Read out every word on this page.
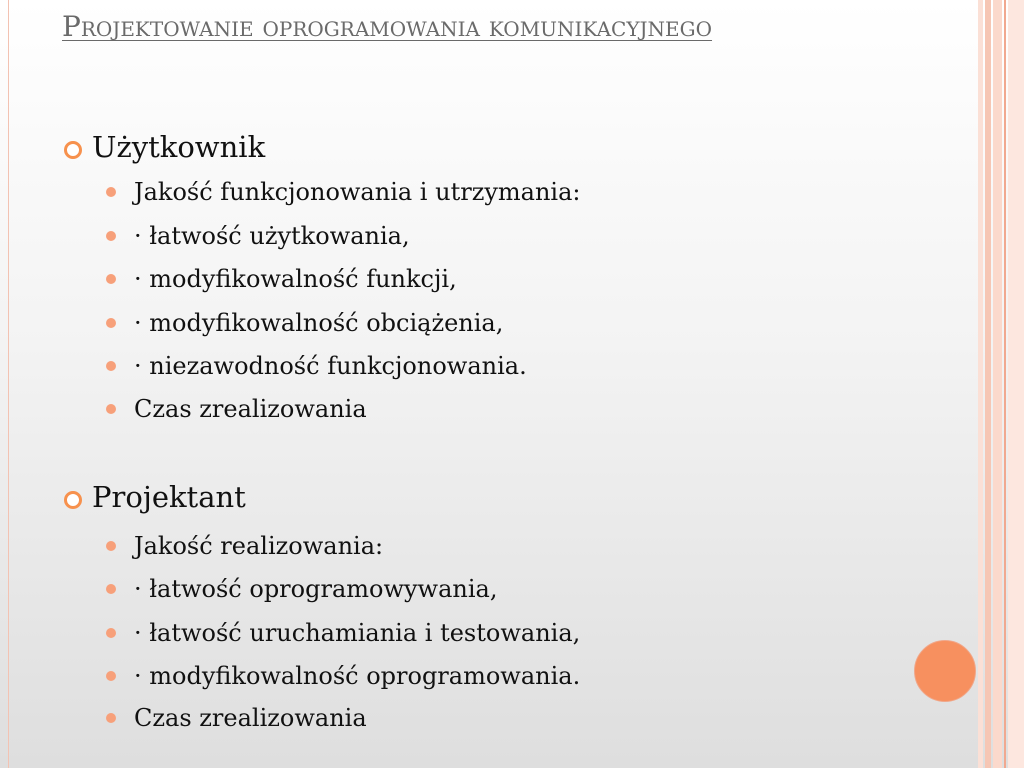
Projektowanie oprogramowania komunikacyjnego
Użytkownik
Jakość funkcjonowania i utrzymania:
· łatwość użytkowania,
· modyfikowalność funkcji,
· modyfikowalność obciążenia,
· niezawodność funkcjonowania.
Czas zrealizowania
Projektant
Jakość realizowania:
· łatwość oprogramowywania,
· łatwość uruchamiania i testowania,
· modyfikowalność oprogramowania.
Czas zrealizowania
